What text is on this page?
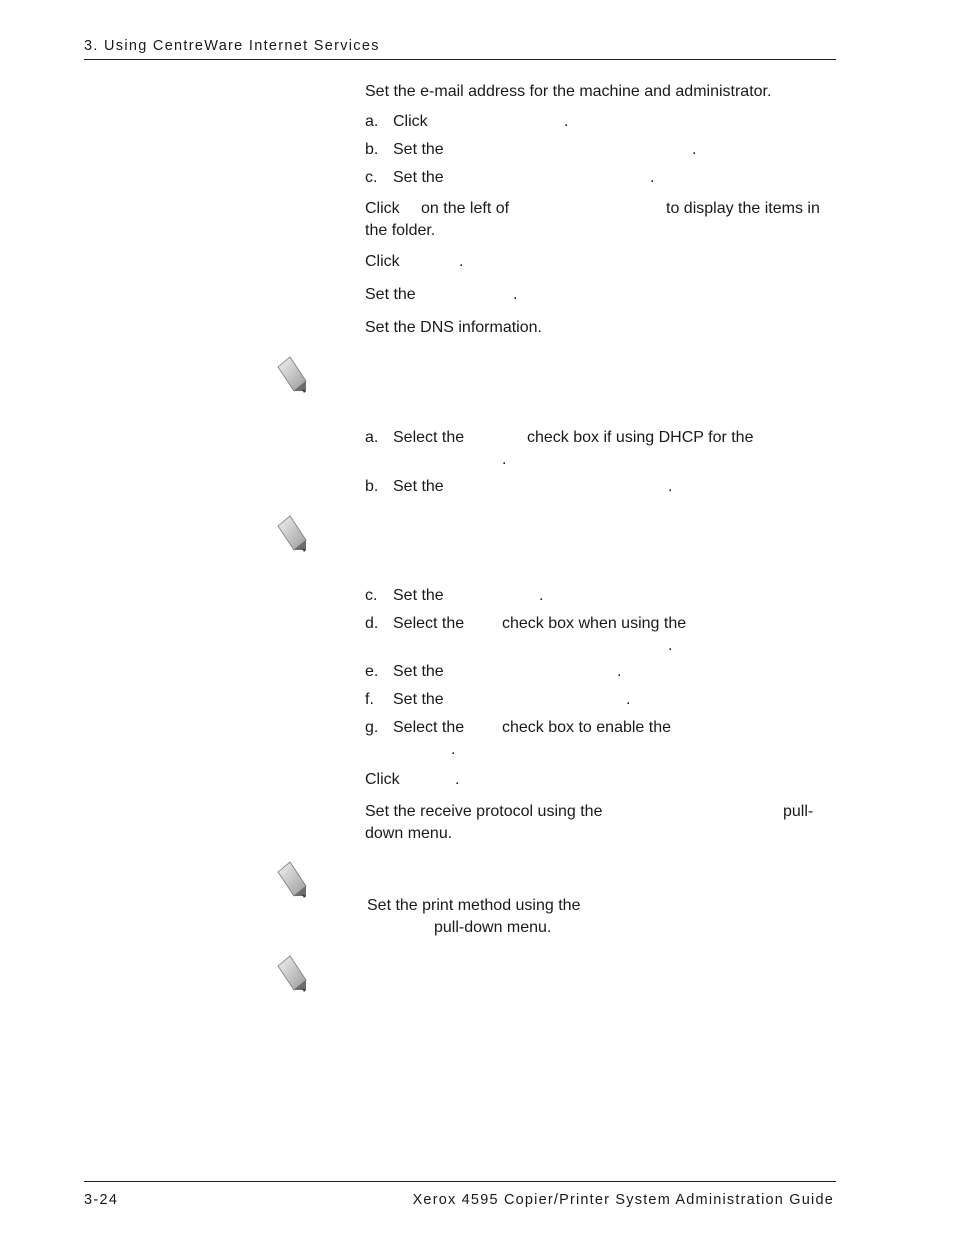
3. Using CentreWare Internet Services
Set the e-mail address for the machine and administrator.
a. Click	.
b. Set the	.
c. Set the	.
Click on the left of	to display the items in
the folder.
Click	.
Set the	.
Set the DNS information.
a. Select the	check box if using DHCP for the
.
b. Set the	.
c. Set the	.
d. Select the check box when using the
.
e. Set the	.
f. Set the	.
g. Select the check box to enable the
.
Click	.
Set the receive protocol using the	pull-
down menu.
Set the print method using the
pull-down menu.
3-24	Xerox 4595 Copier/Printer System Administration Guide
